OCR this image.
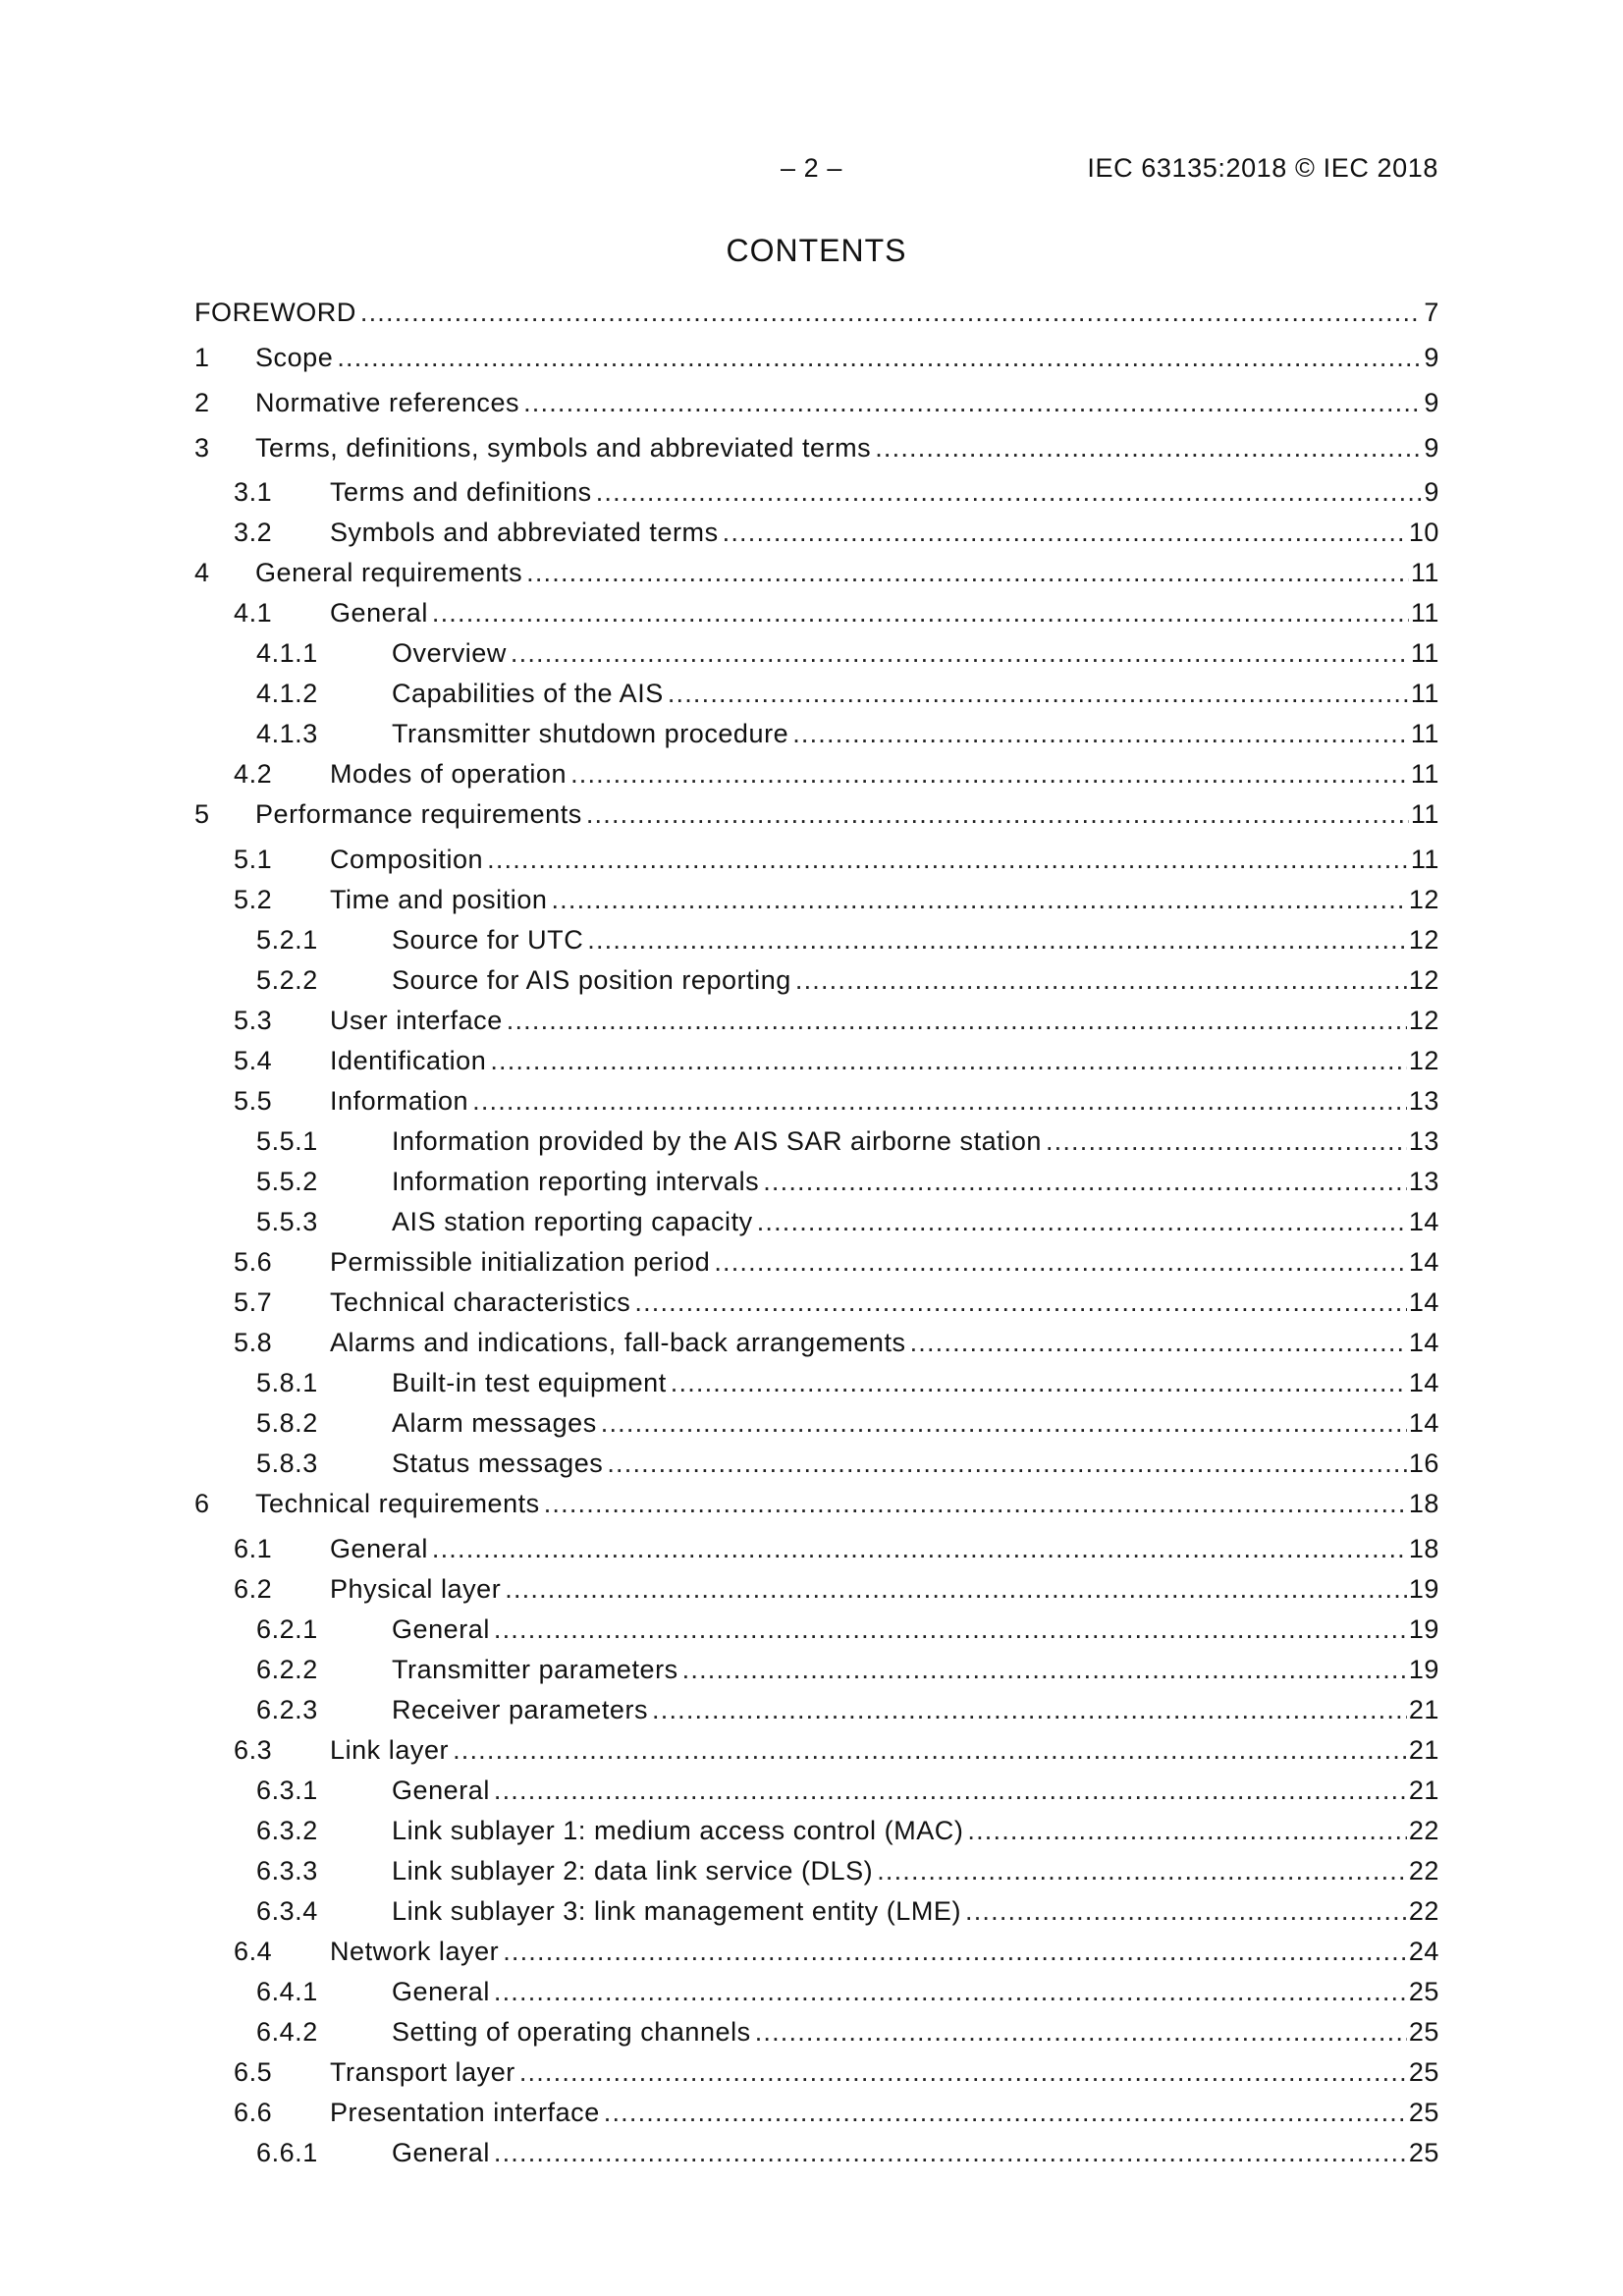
– 2 –	IEC 63135:2018 © IEC 2018
CONTENTS
FOREWORD .....	7
1	Scope .....	9
2	Normative references .....	9
3	Terms, definitions, symbols and abbreviated terms .....	9
3.1	Terms and definitions .....	9
3.2	Symbols and abbreviated terms .....	10
4	General requirements .....	11
4.1	General .....	11
4.1.1	Overview .....	11
4.1.2	Capabilities of the AIS .....	11
4.1.3	Transmitter shutdown procedure .....	11
4.2	Modes of operation .....	11
5	Performance requirements .....	11
5.1	Composition .....	11
5.2	Time and position .....	12
5.2.1	Source for UTC .....	12
5.2.2	Source for AIS position reporting .....	12
5.3	User interface .....	12
5.4	Identification .....	12
5.5	Information .....	13
5.5.1	Information provided by the AIS SAR airborne station .....	13
5.5.2	Information reporting intervals .....	13
5.5.3	AIS station reporting capacity .....	14
5.6	Permissible initialization period .....	14
5.7	Technical characteristics .....	14
5.8	Alarms and indications, fall-back arrangements .....	14
5.8.1	Built-in test equipment .....	14
5.8.2	Alarm messages .....	14
5.8.3	Status messages .....	16
6	Technical requirements .....	18
6.1	General .....	18
6.2	Physical layer .....	19
6.2.1	General .....	19
6.2.2	Transmitter parameters .....	19
6.2.3	Receiver parameters .....	21
6.3	Link layer .....	21
6.3.1	General .....	21
6.3.2	Link sublayer 1: medium access control (MAC) .....	22
6.3.3	Link sublayer 2: data link service (DLS) .....	22
6.3.4	Link sublayer 3: link management entity (LME) .....	22
6.4	Network layer .....	24
6.4.1	General .....	25
6.4.2	Setting of operating channels .....	25
6.5	Transport layer .....	25
6.6	Presentation interface .....	25
6.6.1	General .....	25
